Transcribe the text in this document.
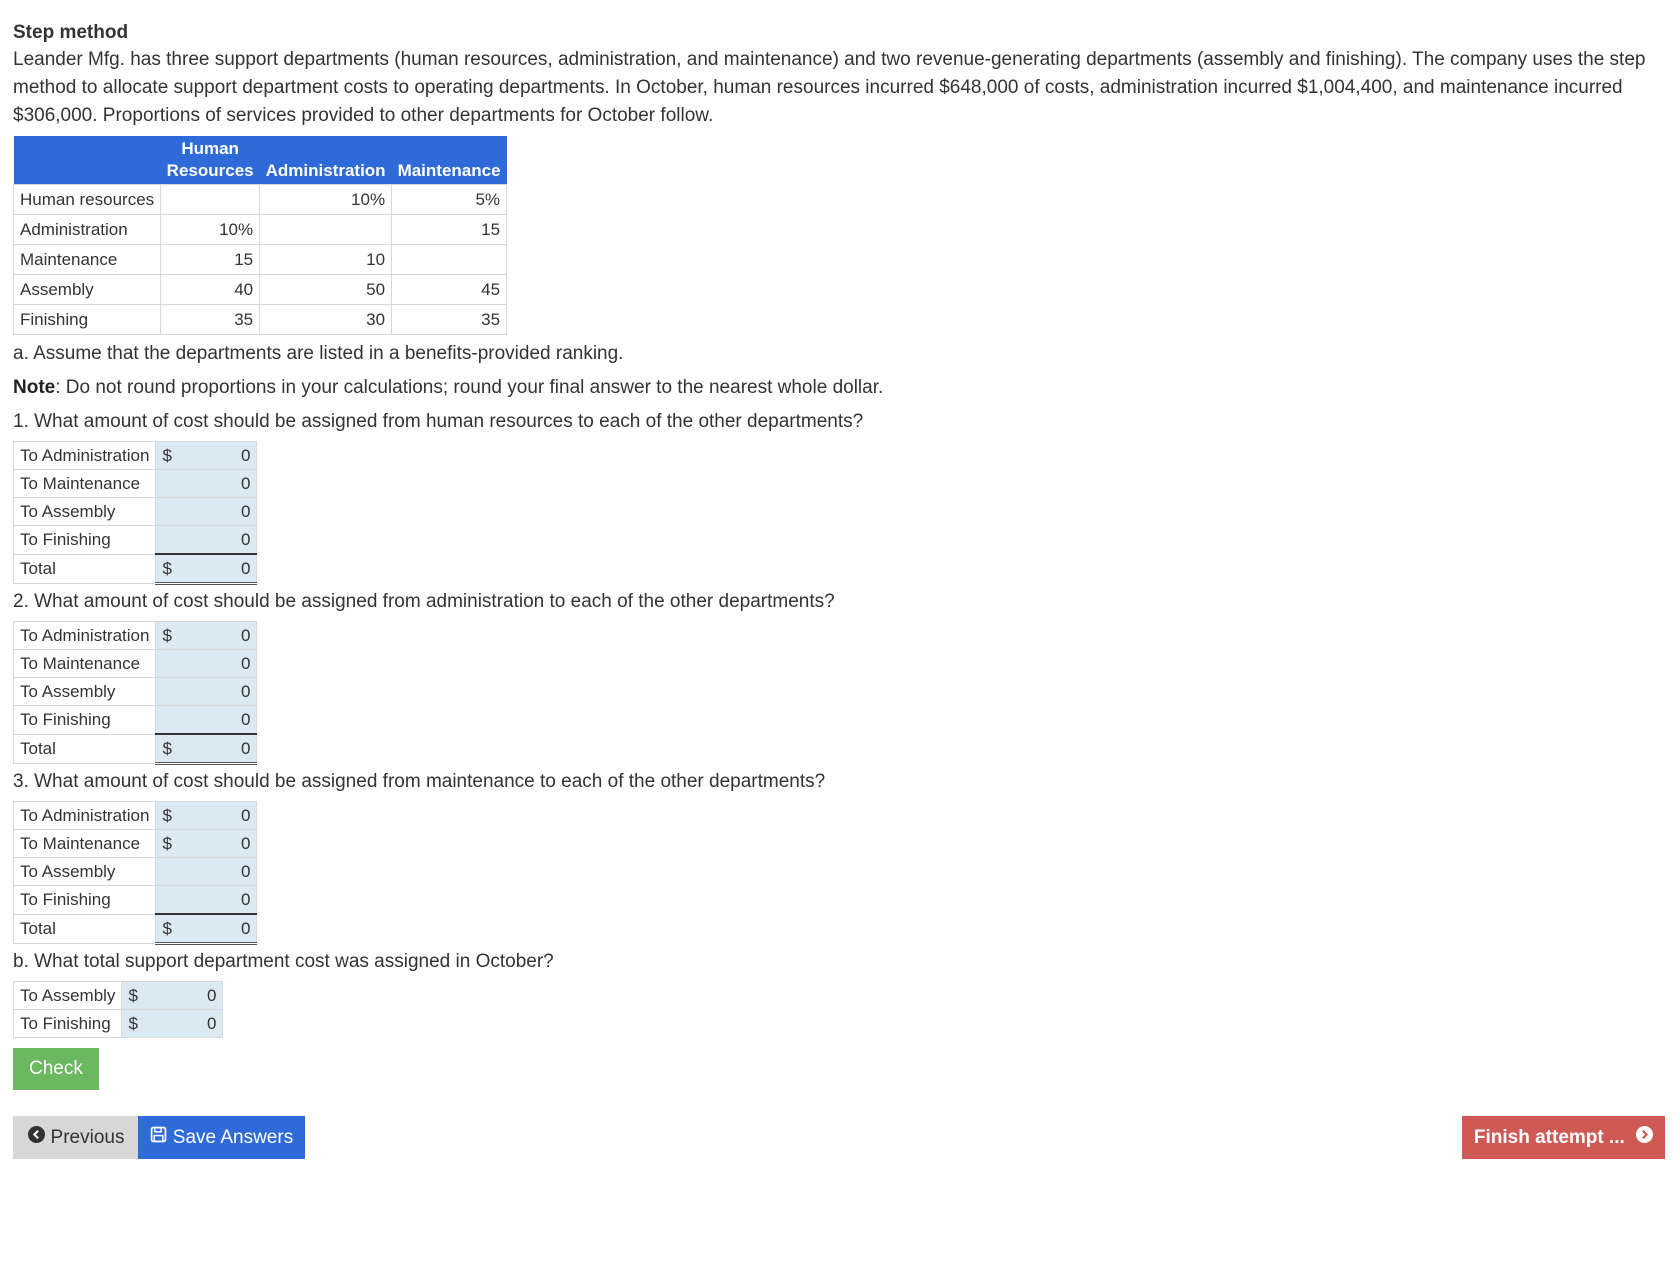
Step method

Leander Mfg. has three support departments (human resources, administration, and maintenance) and two revenue-generating departments (assembly and finishing). The company uses the step method to allocate support department costs to operating departments. In October, human resources incurred $648,000 of costs, administration incurred $1,004,400, and maintenance incurred $306,000. Proportions of services provided to other departments for October follow.

	Human
Resources	Administration	Maintenance
Human resources		10%	5%
Administration	10%		15
Maintenance	15	10	
Assembly	40	50	45
Finishing	35	30	35
a. Assume that the departments are listed in a benefits-provided ranking.
Note: Do not round proportions in your calculations; round your final answer to the nearest whole dollar.
1. What amount of cost should be assigned from human resources to each of the other departments?
To Administration	$ 0

To Maintenance	0

To Assembly	0

To Finishing	0

Total	$ 0
2. What amount of cost should be assigned from administration to each of the other departments?
To Administration	$ 0

To Maintenance	0

To Assembly	0

To Finishing	0

Total	$ 0
3. What amount of cost should be assigned from maintenance to each of the other departments?
To Administration	$ 0

To Maintenance	$ 0

To Assembly	0

To Finishing	0

Total	$ 0
b. What total support department cost was assigned in October?
To Assembly	$ 0

To Finishing	$ 0
Check
Previous	Save Answers	Finish attempt ...
